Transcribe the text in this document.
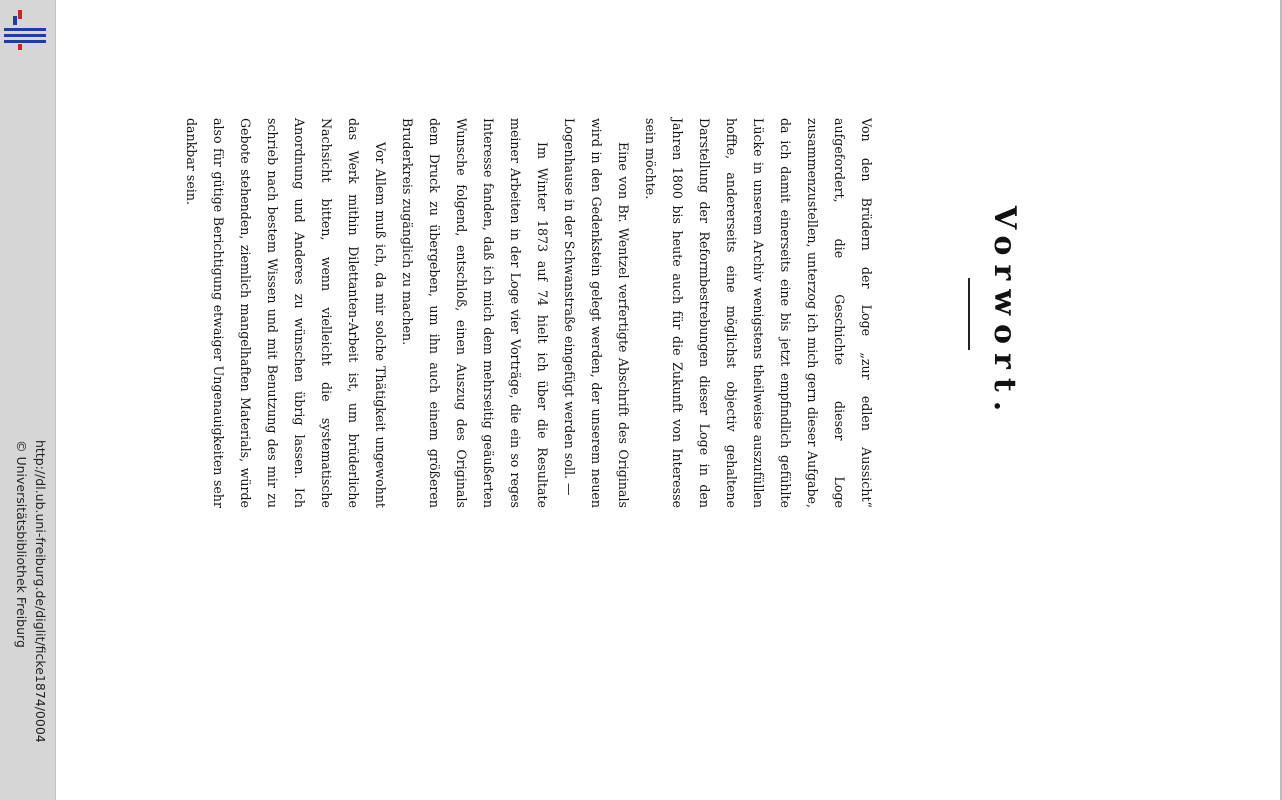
http://dl.ub.uni-freiburg.de/diglit/ficke1874/0004
© Universitätsbibliothek Freiburg
Vorwort.

Von den Brüdern der Loge „zur edlen Aussicht“ aufgefordert, die Geschichte dieser Loge zusammenzustellen, unterzog ich mich gern dieser Aufgabe, da ich damit einerseits eine bis jetzt empfindlich gefühlte Lücke in unserem Archiv wenigstens theilweise auszufüllen hoffte, andererseits eine möglichst objectiv gehaltene Darstellung der Reformbestrebungen dieser Loge in den Jahren 1800 bis heute auch für die Zukunft von Interesse sein möchte.

Eine von Br. Wentzel verfertigte Abschrift des Originals wird in den Gedenkstein gelegt werden, der unserem neuen Logenhause in der Schwanstraße eingefügt werden soll. —

Im Winter 1873 auf 74 hielt ich über die Resultate meiner Arbeiten in der Loge vier Vorträge, die ein so reges Interesse fanden, daß ich mich dem mehrseitig geäußerten Wunsche folgend, entschloß, einen Auszug des Originals dem Druck zu übergeben, um ihn auch einem größeren Bruderkreis zugänglich zu machen.

Vor Allem muß ich, da mir solche Thätigkeit ungewohnt das Werk mithin Dilettanten-Arbeit ist, um brüderliche Nachsicht bitten, wenn vielleicht die systematische Anordnung und Anderes zu wünschen übrig lassen. Ich schrieb nach bestem Wissen und mit Benutzung des mir zu Gebote stehenden, ziemlich mangelhaften Materials, würde also für gütige Berichtigung etwaiger Ungenauigkeiten sehr dankbar sein.
